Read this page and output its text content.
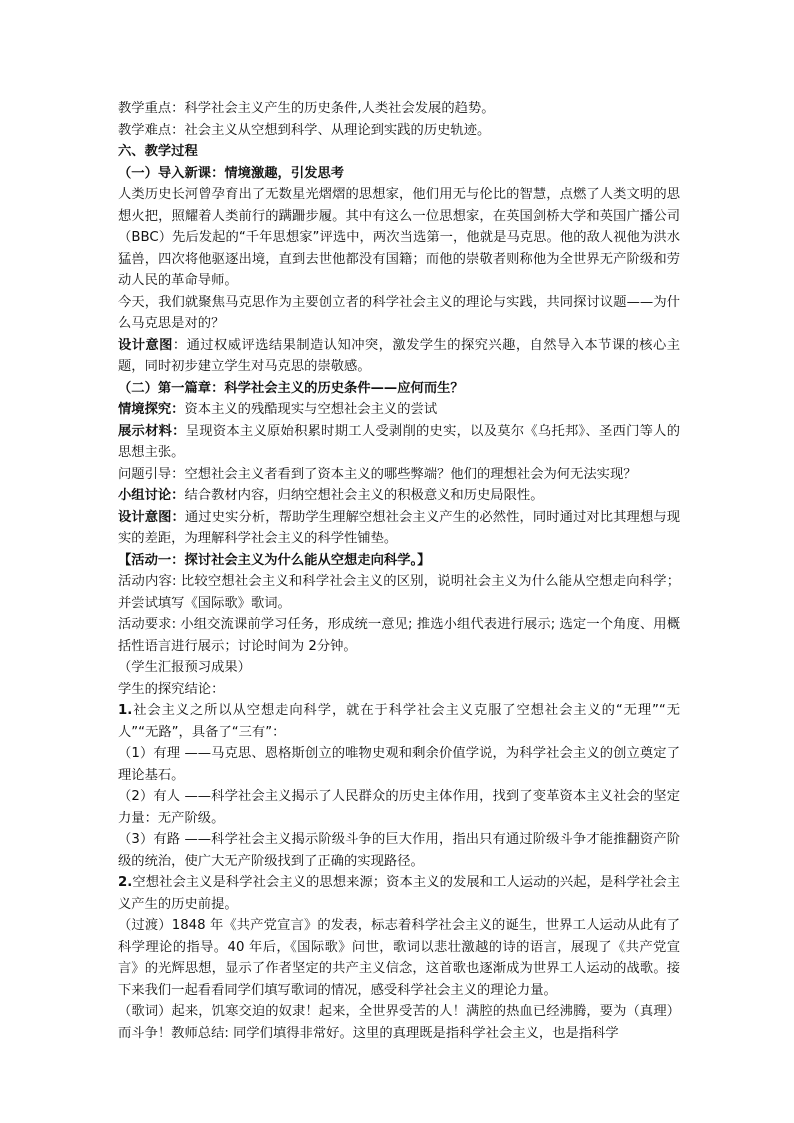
教学重点：科学社会主义产生的历史条件,人类社会发展的趋势。

教学难点：社会主义从空想到科学、从理论到实践的历史轨迹。

六、教学过程

（一）导入新课：情境激趣，引发思考

人类历史长河曾孕育出了无数星光熠熠的思想家，他们用无与伦比的智慧，点燃了人类文明的思想火把，照耀着人类前行的蹒跚步履。其中有这么一位思想家，在英国剑桥大学和英国广播公司（BBC）先后发起的“千年思想家”评选中，两次当选第一，他就是马克思。他的敌人视他为洪水猛兽，四次将他驱逐出境，直到去世他都没有国籍；而他的崇敬者则称他为全世界无产阶级和劳动人民的革命导师。

今天，我们就聚焦马克思作为主要创立者的科学社会主义的理论与实践，共同探讨议题——为什么马克思是对的？

设计意图：通过权威评选结果制造认知冲突，激发学生的探究兴趣，自然导入本节课的核心主题，同时初步建立学生对马克思的崇敬感。

（二）第一篇章：科学社会主义的历史条件——应何而生？

情境探究：资本主义的残酷现实与空想社会主义的尝试

展示材料：呈现资本主义原始积累时期工人受剥削的史实，以及莫尔《乌托邦》、圣西门等人的思想主张。

问题引导：空想社会主义者看到了资本主义的哪些弊端？他们的理想社会为何无法实现？

小组讨论：结合教材内容，归纳空想社会主义的积极意义和历史局限性。

设计意图：通过史实分析，帮助学生理解空想社会主义产生的必然性，同时通过对比其理想与现实的差距，为理解科学社会主义的科学性铺垫。

【活动一：探讨社会主义为什么能从空想走向科学。】

活动内容: 比较空想社会主义和科学社会主义的区别，说明社会主义为什么能从空想走向科学；并尝试填写《国际歌》歌词。

活动要求: 小组交流课前学习任务，形成统一意见; 推选小组代表进行展示; 选定一个角度、用概括性语言进行展示；讨论时间为 2分钟。

（学生汇报预习成果）

学生的探究结论：

1.社会主义之所以从空想走向科学，就在于科学社会主义克服了空想社会主义的“无理”“无人”“无路”，具备了“三有”：

（1）有理 ——马克思、恩格斯创立的唯物史观和剩余价值学说，为科学社会主义的创立奠定了理论基石。

（2）有人 ——科学社会主义揭示了人民群众的历史主体作用，找到了变革资本主义社会的坚定力量：无产阶级。

（3）有路 ——科学社会主义揭示阶级斗争的巨大作用，指出只有通过阶级斗争才能推翻资产阶级的统治，使广大无产阶级找到了正确的实现路径。

2.空想社会主义是科学社会主义的思想来源；资本主义的发展和工人运动的兴起，是科学社会主义产生的历史前提。

（过渡）1848 年《共产党宣言》的发表，标志着科学社会主义的诞生，世界工人运动从此有了科学理论的指导。40 年后，《国际歌》问世，歌词以悲壮激越的诗的语言，展现了《共产党宣言》的光辉思想，显示了作者坚定的共产主义信念，这首歌也逐渐成为世界工人运动的战歌。接下来我们一起看看同学们填写歌词的情况，感受科学社会主义的理论力量。

（歌词）起来，饥寒交迫的奴隶！起来，全世界受苦的人！满腔的热血已经沸腾，要为（真理）而斗争！教师总结: 同学们填得非常好。这里的真理既是指科学社会主义，也是指科学
